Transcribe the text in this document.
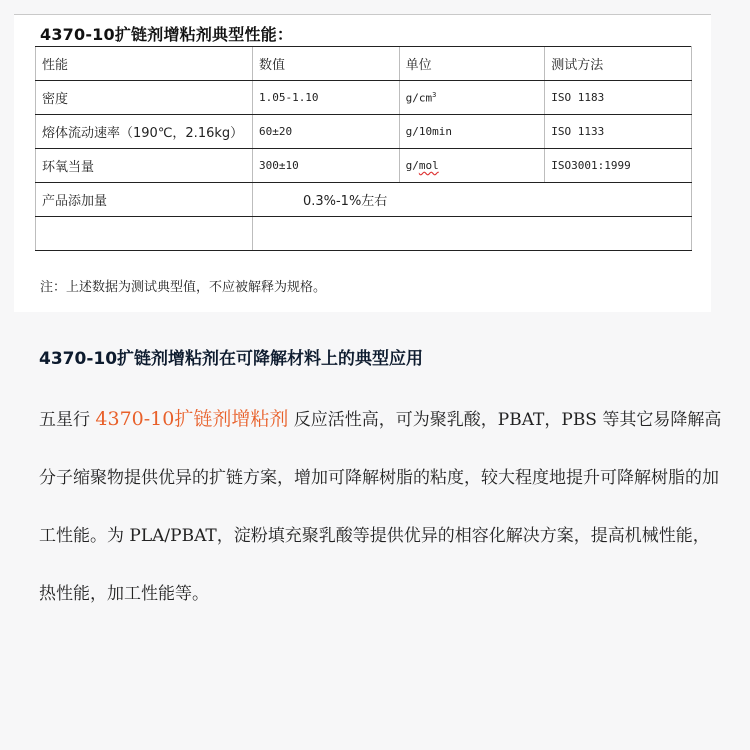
4370-10扩链剂增粘剂典型性能：
性能	数值	单位	测试方法
密度	1.05-1.10	$g/cm^3$	ISO 1183
熔体流动速率（190℃，2.16kg）	60±20	g/10min	ISO 1133
环氧当量	300±10	g/mol	ISO3001:1999
产品添加量	0.3%-1%左右		

注：上述数据为测试典型值，不应被解释为规格。
4370-10扩链剂增粘剂在可降解材料上的典型应用
五星行 4370-10扩链剂增粘剂 反应活性高，可为聚乳酸，PBAT，PBS 等其它易降解高分子缩聚物提供优异的扩链方案，增加可降解树脂的粘度，较大程度地提升可降解树脂的加工性能。为 PLA/PBAT，淀粉填充聚乳酸等提供优异的相容化解决方案，提高机械性能，热性能，加工性能等。
